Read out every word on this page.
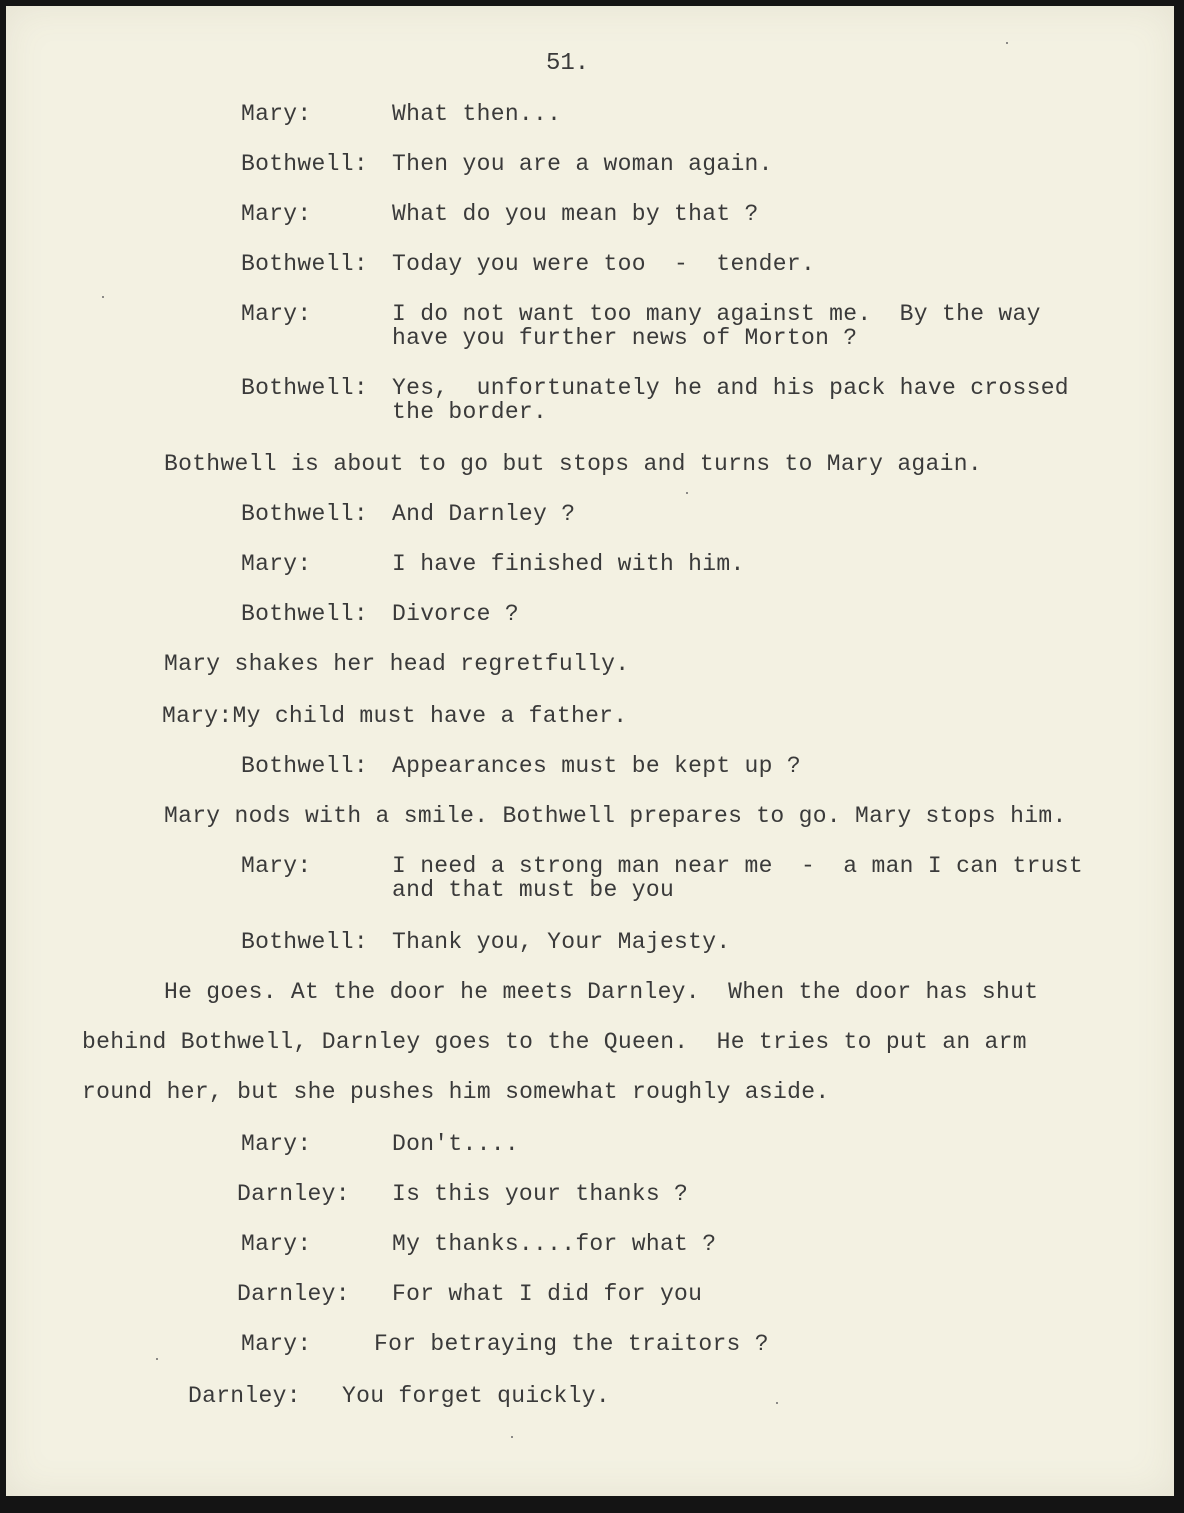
51.
Mary:	What then...
Bothwell: Then you are a woman again.
Mary:	What do you mean by that ?
Bothwell: Today you were too  -  tender.
Mary:	I do not want too many against me.  By the way
have you further news of Morton ?
Bothwell: Yes,  unfortunately he and his pack have crossed
the border.
Bothwell is about to go but stops and turns to Mary again.
Bothwell: And Darnley ?
Mary:	I have finished with him.
Bothwell: Divorce ?
Mary shakes her head regretfully.
Mary:My child must have a father.
Bothwell: Appearances must be kept up ?
Mary nods with a smile. Bothwell prepares to go. Mary stops him.
Mary:	I need a strong man near me  -  a man I can trust
and that must be you
Bothwell: Thank you, Your Majesty.
He goes. At the door he meets Darnley.  When the door has shut
behind Bothwell, Darnley goes to the Queen.  He tries to put an arm
round her, but she pushes him somewhat roughly aside.
Mary:	Don't....
Darnley: Is this your thanks ?
Mary:	My thanks....for what ?
Darnley: For what I did for you
Mary:	For betraying the traitors ?
Darnley: You forget quickly.
